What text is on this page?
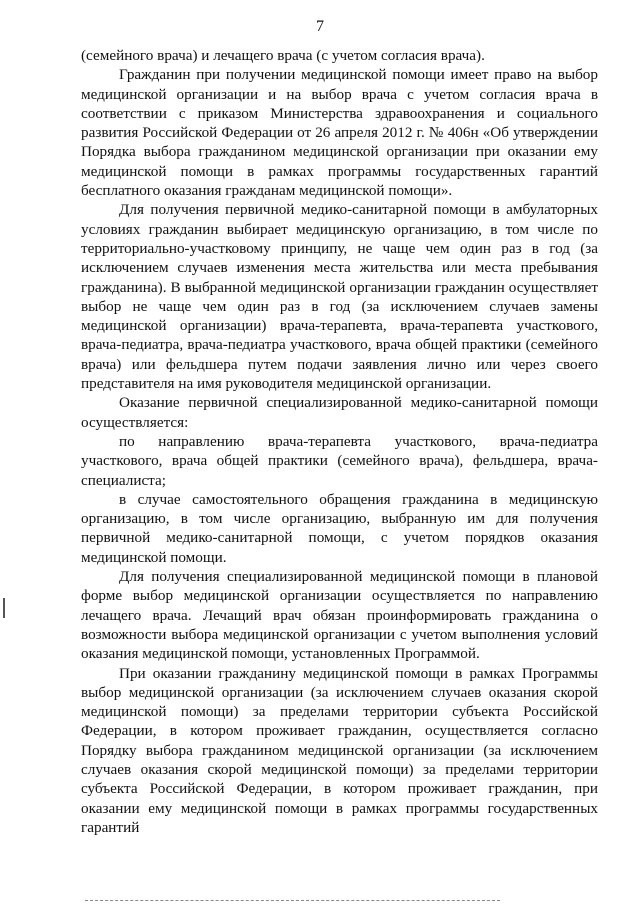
7

(семейного врача) и лечащего врача (с учетом согласия врача).

Гражданин при получении медицинской помощи имеет право на выбор медицинской организации и на выбор врача с учетом согласия врача в соответствии с приказом Министерства здравоохранения и социального развития Российской Федерации от 26 апреля 2012 г. № 406н «Об утверждении Порядка выбора гражданином медицинской организации при оказании ему медицинской помощи в рамках программы государственных гарантий бесплатного оказания гражданам медицинской помощи».

Для получения первичной медико-санитарной помощи в амбулаторных условиях гражданин выбирает медицинскую организацию, в том числе по территориально-участковому принципу, не чаще чем один раз в год (за исключением случаев изменения места жительства или места пребывания гражданина). В выбранной медицинской организации гражданин осуществляет выбор не чаще чем один раз в год (за исключением случаев замены медицинской организации) врача-терапевта, врача-терапевта участкового, врача-педиатра, врача-педиатра участкового, врача общей практики (семейного врача) или фельдшера путем подачи заявления лично или через своего представителя на имя руководителя медицинской организации.

Оказание первичной специализированной медико-санитарной помощи осуществляется:

по направлению врача-терапевта участкового, врача-педиатра участкового, врача общей практики (семейного врача), фельдшера, врача-специалиста;

в случае самостоятельного обращения гражданина в медицинскую организацию, в том числе организацию, выбранную им для получения первичной медико-санитарной помощи, с учетом порядков оказания медицинской помощи.

Для получения специализированной медицинской помощи в плановой форме выбор медицинской организации осуществляется по направлению лечащего врача. Лечащий врач обязан проинформировать гражданина о возможности выбора медицинской организации с учетом выполнения условий оказания медицинской помощи, установленных Программой.

При оказании гражданину медицинской помощи в рамках Программы выбор медицинской организации (за исключением случаев оказания скорой медицинской помощи) за пределами территории субъекта Российской Федерации, в котором проживает гражданин, осуществляется согласно Порядку выбора гражданином медицинской организации (за исключением случаев оказания скорой медицинской помощи) за пределами территории субъекта Российской Федерации, в котором проживает гражданин, при оказании ему медицинской помощи в рамках программы государственных гарантий
